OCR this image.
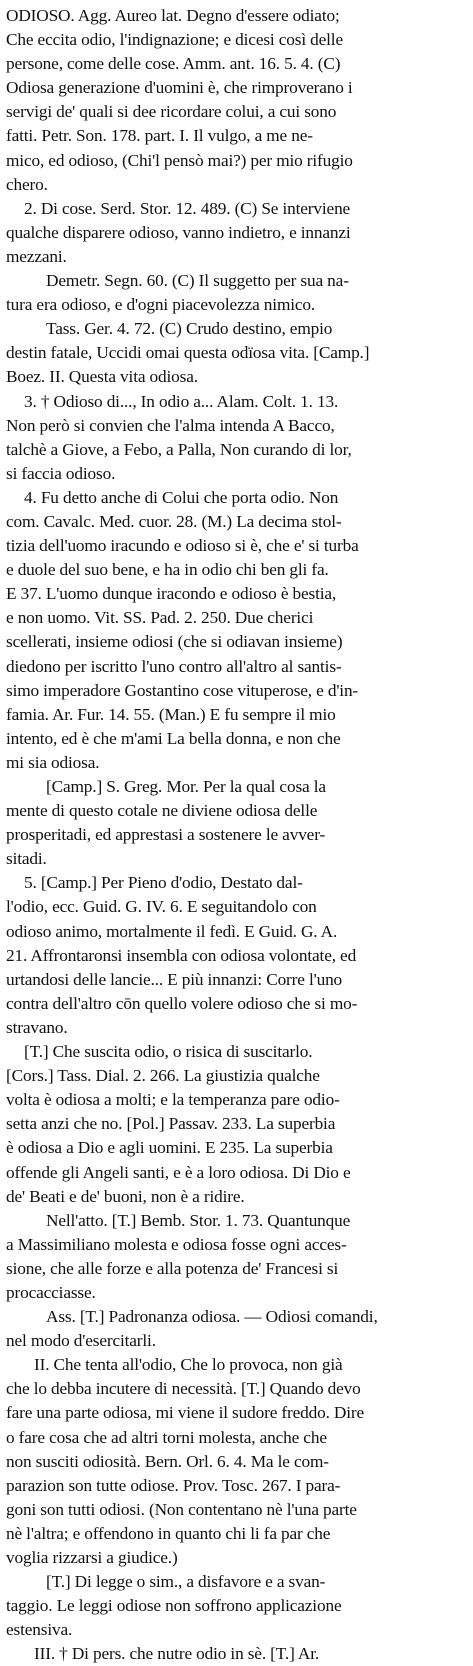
ODIOSO. Agg. Aureo lat. Degno d'essere odiato;
Che eccita odio, l'indignazione; e dicesi così delle
persone, come delle cose. Amm. ant. 16. 5. 4. (C)
Odiosa generazione d'uomini è, che rimproverano i
servigi de' quali si dee ricordare colui, a cui sono
fatti. Petr. Son. 178. part. I. Il vulgo, a me ne-
mico, ed odioso, (Chi'l pensò mai?) per mio rifugio
chero.
2. Di cose. Serd. Stor. 12. 489. (C) Se interviene
qualche disparere odioso, vanno indietro, e innanzi
mezzani.
Demetr. Segn. 60. (C) Il suggetto per sua na-
tura era odioso, e d'ogni piacevolezza nimico.
Tass. Ger. 4. 72. (C) Crudo destino, empio
destin fatale, Uccidi omai questa odïosa vita. [Camp.]
Boez. II. Questa vita odiosa.
3. † Odioso di..., In odio a... Alam. Colt. 1. 13.
Non però si convien che l'alma intenda A Bacco,
talchè a Giove, a Febo, a Palla, Non curando di lor,
si faccia odioso.
4. Fu detto anche di Colui che porta odio. Non
com. Cavalc. Med. cuor. 28. (M.) La decima stol-
tizia dell'uomo iracundo e odioso si è, che e' si turba
e duole del suo bene, e ha in odio chi ben gli fa.
E 37. L'uomo dunque iracondo e odioso è bestia,
e non uomo. Vit. SS. Pad. 2. 250. Due cherici
scellerati, insieme odiosi (che si odiavan insieme)
diedono per iscritto l'uno contro all'altro al santis-
simo imperadore Gostantino cose vituperose, e d'in-
famia. Ar. Fur. 14. 55. (Man.) E fu sempre il mio
intento, ed è che m'ami La bella donna, e non che
mi sia odiosa.
[Camp.] S. Greg. Mor. Per la qual cosa la
mente di questo cotale ne diviene odiosa delle
prosperitadi, ed apprestasi a sostenere le avver-
sitadi.
5. [Camp.] Per Pieno d'odio, Destato dal-
l'odio, ecc. Guid. G. IV. 6. E seguitandolo con
odioso animo, mortalmente il fedì. E Guid. G. A.
21. Affrontaronsi insembla con odiosa volontate, ed
urtandosi delle lancie... E più innanzi: Corre l'uno
contra dell'altro cōn quello volere odioso che si mo-
stravano.
[T.] Che suscita odio, o risica di suscitarlo.
[Cors.] Tass. Dial. 2. 266. La giustizia qualche
volta è odiosa a molti; e la temperanza pare odio-
setta anzi che no. [Pol.] Passav. 233. La superbia
è odiosa a Dio e agli uomini. E 235. La superbia
offende gli Angeli santi, e è a loro odiosa. Di Dio e
de' Beati e de' buoni, non è a ridire.
Nell'atto. [T.] Bemb. Stor. 1. 73. Quantunque
a Massimiliano molesta e odiosa fosse ogni acces-
sione, che alle forze e alla potenza de' Francesi si
procacciasse.
Ass. [T.] Padronanza odiosa. — Odiosi comandi,
nel modo d'esercitarli.
II. Che tenta all'odio, Che lo provoca, non già
che lo debba incutere di necessità. [T.] Quando devo
fare una parte odiosa, mi viene il sudore freddo. Dire
o fare cosa che ad altri torni molesta, anche che
non susciti odiosità. Bern. Orl. 6. 4. Ma le com-
parazion son tutte odiose. Prov. Tosc. 267. I para-
goni son tutti odiosi. (Non contentano nè l'una parte
nè l'altra; e offendono in quanto chi li fa par che
voglia rizzarsi a giudice.)
[T.] Di legge o sim., a disfavore e a svan-
taggio. Le leggi odiose non soffrono applicazione
estensiva.
III. † Di pers. che nutre odio in sè. [T.] Ar.
